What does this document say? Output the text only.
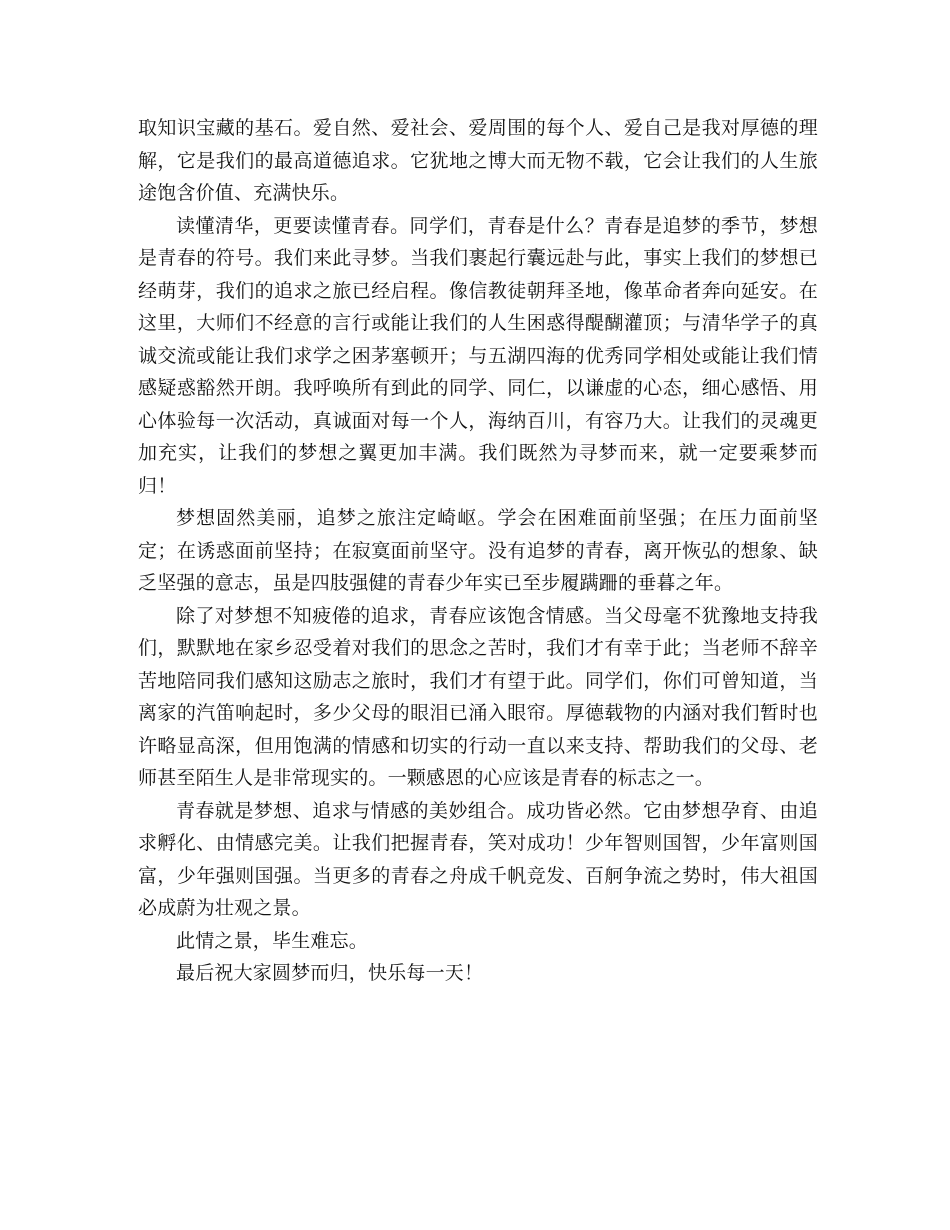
取知识宝藏的基石。爱自然、爱社会、爱周围的每个人、爱自己是我对厚德的理解，它是我们的最高道德追求。它犹地之博大而无物不载，它会让我们的人生旅途饱含价值、充满快乐。

读懂清华，更要读懂青春。同学们，青春是什么？青春是追梦的季节，梦想是青春的符号。我们来此寻梦。当我们裹起行囊远赴与此，事实上我们的梦想已经萌芽，我们的追求之旅已经启程。像信教徒朝拜圣地，像革命者奔向延安。在这里，大师们不经意的言行或能让我们的人生困惑得醍醐灌顶；与清华学子的真诚交流或能让我们求学之困茅塞顿开；与五湖四海的优秀同学相处或能让我们情感疑惑豁然开朗。我呼唤所有到此的同学、同仁，以谦虚的心态，细心感悟、用心体验每一次活动，真诚面对每一个人，海纳百川，有容乃大。让我们的灵魂更加充实，让我们的梦想之翼更加丰满。我们既然为寻梦而来，就一定要乘梦而归！

梦想固然美丽，追梦之旅注定崎岖。学会在困难面前坚强；在压力面前坚定；在诱惑面前坚持；在寂寞面前坚守。没有追梦的青春，离开恢弘的想象、缺乏坚强的意志，虽是四肢强健的青春少年实已至步履蹒跚的垂暮之年。

除了对梦想不知疲倦的追求，青春应该饱含情感。当父母毫不犹豫地支持我们，默默地在家乡忍受着对我们的思念之苦时，我们才有幸于此；当老师不辞辛苦地陪同我们感知这励志之旅时，我们才有望于此。同学们，你们可曾知道，当离家的汽笛响起时，多少父母的眼泪已涌入眼帘。厚德载物的内涵对我们暂时也许略显高深，但用饱满的情感和切实的行动一直以来支持、帮助我们的父母、老师甚至陌生人是非常现实的。一颗感恩的心应该是青春的标志之一。

青春就是梦想、追求与情感的美妙组合。成功皆必然。它由梦想孕育、由追求孵化、由情感完美。让我们把握青春，笑对成功！少年智则国智，少年富则国富，少年强则国强。当更多的青春之舟成千帆竞发、百舸争流之势时，伟大祖国必成蔚为壮观之景。

此情之景，毕生难忘。

最后祝大家圆梦而归，快乐每一天！
